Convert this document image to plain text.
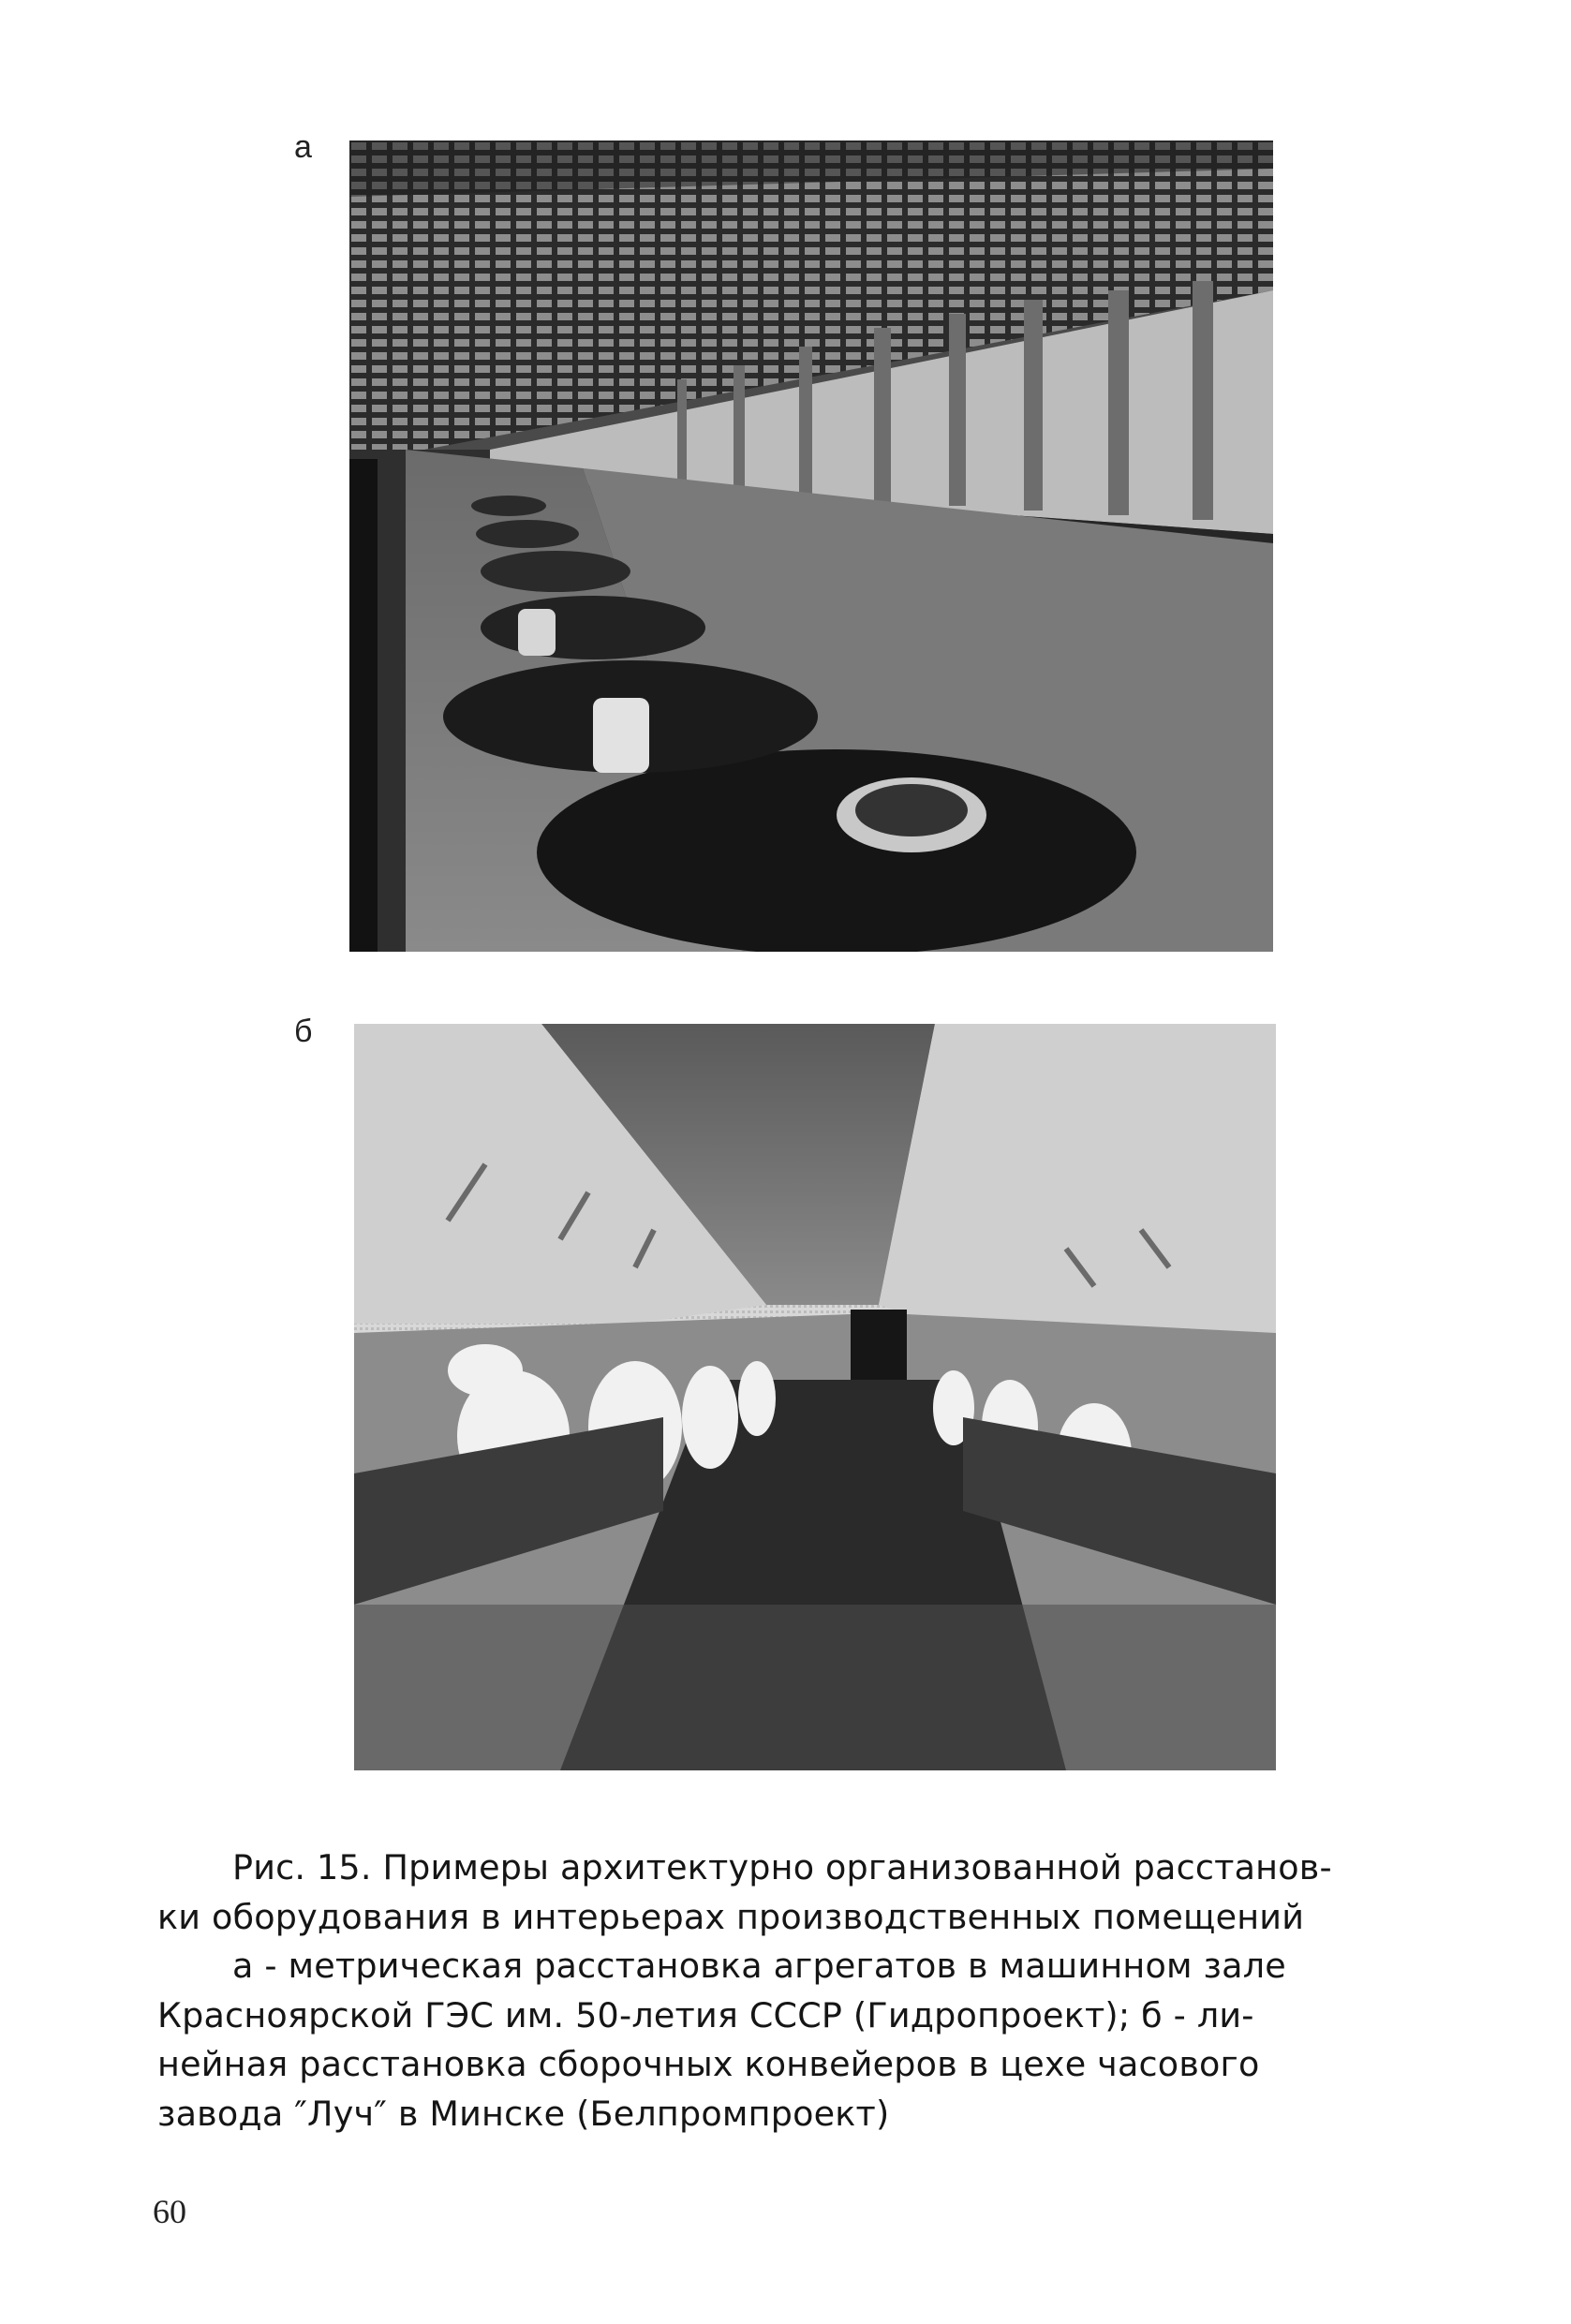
а
б
Рис. 15. Примеры архитектурно организованной расстанов-
ки оборудования в интерьерах производственных помещений
а - метрическая расстановка агрегатов в машинном зале
Красноярской ГЭС им. 50-летия СССР (Гидропроект); б - ли-
нейная расстановка сборочных конвейеров в цехе часового
завода ″Луч″ в Минске (Белпромпроект)
60
